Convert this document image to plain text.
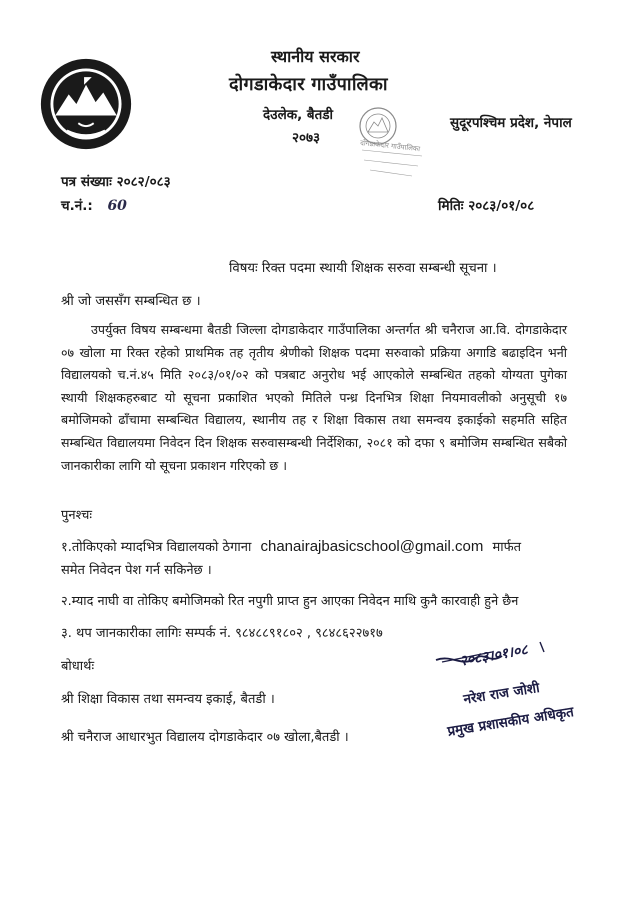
स्थानीय सरकार
दोगडाकेदार गाउँपालिका
देउलेक, बैतडी
२०७३
सुदूरपश्चिम प्रदेश, नेपाल
दोगडाकेदार गाउँपालिका
पत्र संख्याः २०८२/०८३
च.नं.: 60	मितिः २०८३/०१/०८
विषयः रिक्त पदमा स्थायी शिक्षक सरुवा सम्बन्धी सूचना ।
श्री जो जससँग सम्बन्धित छ ।

उपर्युक्त विषय सम्बन्धमा बैतडी जिल्ला दोगडाकेदार गाउँपालिका अन्तर्गत श्री चनैराज आ.वि. दोगडाकेदार ०७ खोला मा रिक्त रहेको प्राथमिक तह तृतीय श्रेणीको शिक्षक पदमा सरुवाको प्रक्रिया अगाडि बढाइदिन भनी विद्यालयको च.नं.४५ मिति २०८३/०१/०२ को पत्रबाट अनुरोध भई आएकोले सम्बन्धित तहको योग्यता पुगेका स्थायी शिक्षकहरुबाट यो सूचना प्रकाशित भएको मितिले पन्ध्र दिनभित्र शिक्षा नियमावलीको अनुसूची १७ बमोजिमको ढाँचामा सम्बन्धित विद्यालय, स्थानीय तह र शिक्षा विकास तथा समन्वय इकाईको सहमति सहित सम्बन्धित विद्यालयमा निवेदन दिन शिक्षक सरुवासम्बन्धी निर्देशिका, २०८१ को दफा ९ बमोजिम सम्बन्धित सबैको जानकारीका लागि यो सूचना प्रकाशन गरिएको छ ।

पुनश्चः
१.तोकिएको म्यादभित्र विद्यालयको ठेगाना chanairajbasicschool@gmail.com मार्फत
समेत निवेदन पेश गर्न सकिनेछ ।
२.म्याद नाघी वा तोकिए बमोजिमको रित नपुगी प्राप्त हुन आएका निवेदन माथि कुनै कारवाही हुने छैन
३. थप जानकारीका लागिः सम्पर्क नं. ९८४८८९१८०२ , ९८४८६२२७१७
बोधार्थः
श्री शिक्षा विकास तथा समन्वय इकाई, बैतडी ।
श्री चनैराज आधारभुत विद्यालय दोगडाकेदार ०७ खोला,बैतडी ।
२०८३।०१।०८
नरेश राज जोशी
प्रमुख प्रशासकीय अधिकृत
